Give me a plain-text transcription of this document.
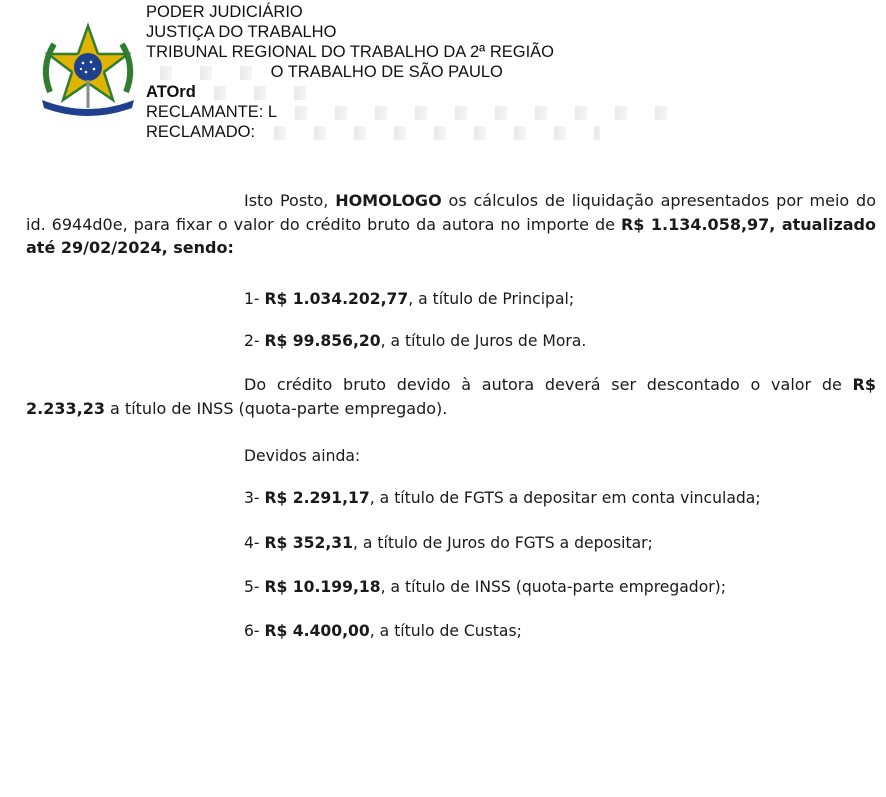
PODER JUDICIÁRIO
JUSTIÇA DO TRABALHO
TRIBUNAL REGIONAL DO TRABALHO DA 2ª REGIÃO
O TRABALHO DE SÃO PAULO
ATOrd
RECLAMANTE: L
RECLAMADO:

Isto Posto, HOMOLOGO os cálculos de liquidação apresentados por meio do id. 6944d0e, para fixar o valor do crédito bruto da autora no importe de R$ 1.134.058,97, atualizado até 29/02/2024, sendo:

1- R$ 1.034.202,77, a título de Principal;
2- R$ 99.856,20, a título de Juros de Mora.

Do crédito bruto devido à autora deverá ser descontado o valor de R$ 2.233,23 a título de INSS (quota-parte empregado).

Devidos ainda:
3- R$ 2.291,17, a título de FGTS a depositar em conta vinculada;
4- R$ 352,31, a título de Juros do FGTS a depositar;
5- R$ 10.199,18, a título de INSS (quota-parte empregador);
6- R$ 4.400,00, a título de Custas;
